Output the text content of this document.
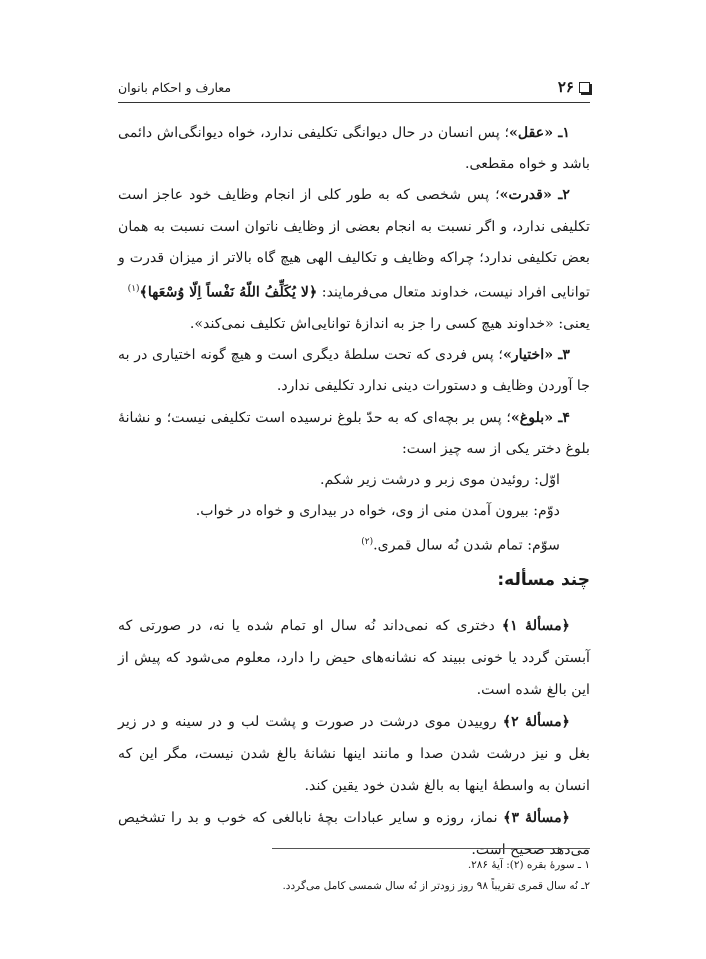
۲۶
معارف و احکام بانوان

۱ـ «عقل»؛ پس انسان در حال دیوانگی تکلیفی ندارد، خواه دیوانگی‌اش دائمی باشد و خواه مقطعی.

۲ـ «قدرت»؛ پس شخصی که به طور کلی از انجام وظایف خود عاجز است تکلیفی ندارد، و اگر نسبت به انجام بعضی از وظایف ناتوان است نسبت به همان بعض تکلیفی ندارد؛ چراکه وظایف و تکالیف الهی هیچ گاه بالاتر از میزان قدرت و توانایی افراد نیست، خداوند متعال می‌فرمایند: ﴿لا یُکَلِّفُ اللّهُ نَفْساً اِلّا وُسْعَها﴾$^{(۱)}$

یعنی: «خداوند هیچ کسی را جز به اندازهٔ توانایی‌اش تکلیف نمی‌کند».

۳ـ «اختیار»؛ پس فردی که تحت سلطهٔ دیگری است و هیچ گونه اختیاری در به جا آوردن وظایف و دستورات دینی ندارد تکلیفی ندارد.

۴ـ «بلوغ»؛ پس بر بچه‌ای که به حدّ بلوغ نرسیده است تکلیفی نیست؛ و نشانهٔ بلوغ دختر یکی از سه چیز است:

اوّل: روئیدن موی زبر و درشت زیر شکم.

دوّم: بیرون آمدن منی از وی، خواه در بیداری و خواه در خواب.

سوّم: تمام شدن نُه سال قمری.$^{(۲)}$

چند مسأله:

﴿مسألهٔ ۱﴾ دختری که نمی‌داند نُه سال او تمام شده یا نه، در صورتی که آبستن گردد یا خونی ببیند که نشانه‌های حیض را دارد، معلوم می‌شود که پیش از این بالغ شده است.

﴿مسألهٔ ۲﴾ روییدن موی درشت در صورت و پشت لب و در سینه و در زیر بغل و نیز درشت شدن صدا و مانند اینها نشانهٔ بالغ شدن نیست، مگر این که انسان به واسطهٔ اینها به بالغ شدن خود یقین کند.

﴿مسألهٔ ۳﴾ نماز، روزه و سایر عبادات بچهٔ نابالغی که خوب و بد را تشخیص می‌دهد صحیح است.

۱ ـ سورهٔ بقره (۲): آیهٔ ۲۸۶.

۲ـ نُه سال قمری تقریباً ۹۸ روز زودتر از نُه سال شمسی کامل می‌گردد.
